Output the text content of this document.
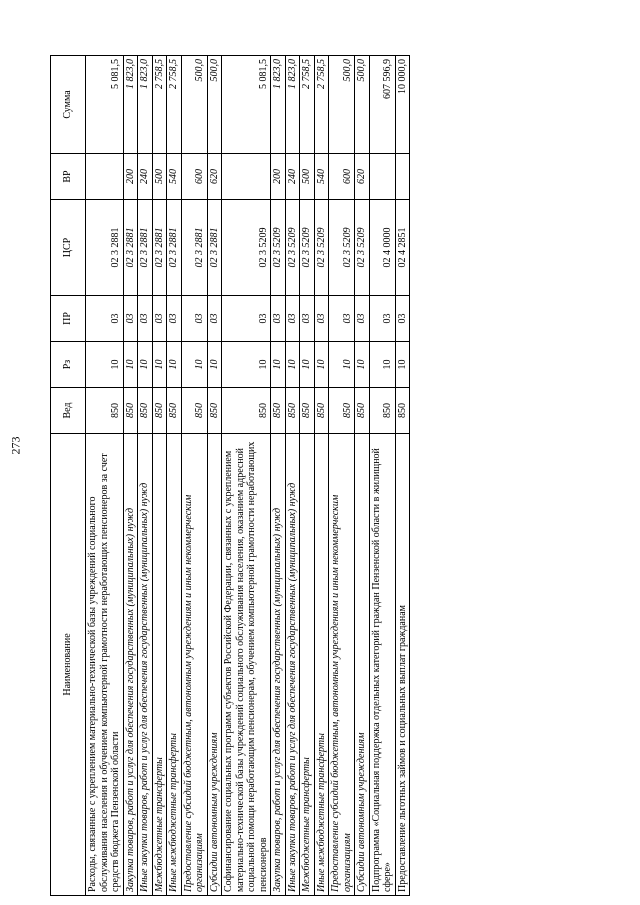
273
Наименование	Вед	Рз	ПР	ЦСР	ВР	Сумма
Расходы, связанные с укреплением материально-технической базы учреждений социального обслуживания населения и обучением компьютерной грамотности неработающих пенсионеров за счет средств бюджета Пензенской области	850	10	03	02 3 2881		5 081,5
Закупка товаров, работ и услуг для обеспечения государственных (муниципальных) нужд	850	10	03	02 3 2881	200	1 823,0
Иные закупки товаров, работ и услуг для обеспечения государственных (муниципальных) нужд	850	10	03	02 3 2881	240	1 823,0
Межбюджетные трансферты	850	10	03	02 3 2881	500	2 758,5
Иные межбюджетные трансферты	850	10	03	02 3 2881	540	2 758,5
Предоставление субсидий бюджетным, автономным учреждениям и иным некоммерческим организациям	850	10	03	02 3 2881	600	500,0
Субсидии автономным учреждениям	850	10	03	02 3 2881	620	500,0
Софинансирование социальных программ субъектов Российской Федерации, связанных с укреплением материально-технической базы учреждений социального обслуживания населения, оказанием адресной социальной помощи неработающим пенсионерам, обучением компьютерной грамотности неработающих пенсионеров	850	10	03	02 3 5209		5 081,5
Закупка товаров, работ и услуг для обеспечения государственных (муниципальных) нужд	850	10	03	02 3 5209	200	1 823,0
Иные закупки товаров, работ и услуг для обеспечения государственных (муниципальных) нужд	850	10	03	02 3 5209	240	1 823,0
Межбюджетные трансферты	850	10	03	02 3 5209	500	2 758,5
Иные межбюджетные трансферты	850	10	03	02 3 5209	540	2 758,5
Предоставление субсидий бюджетным, автономным учреждениям и иным некоммерческим организациям	850	10	03	02 3 5209	600	500,0
Субсидии автономным учреждениям	850	10	03	02 3 5209	620	500,0
Подпрограмма «Социальная поддержка отдельных категорий граждан Пензенской области в жилищной сфере»	850	10	03	02 4 0000		607 596,9
Предоставление льготных займов и социальных выплат гражданам	850	10	03	02 4 2851		10 000,0
